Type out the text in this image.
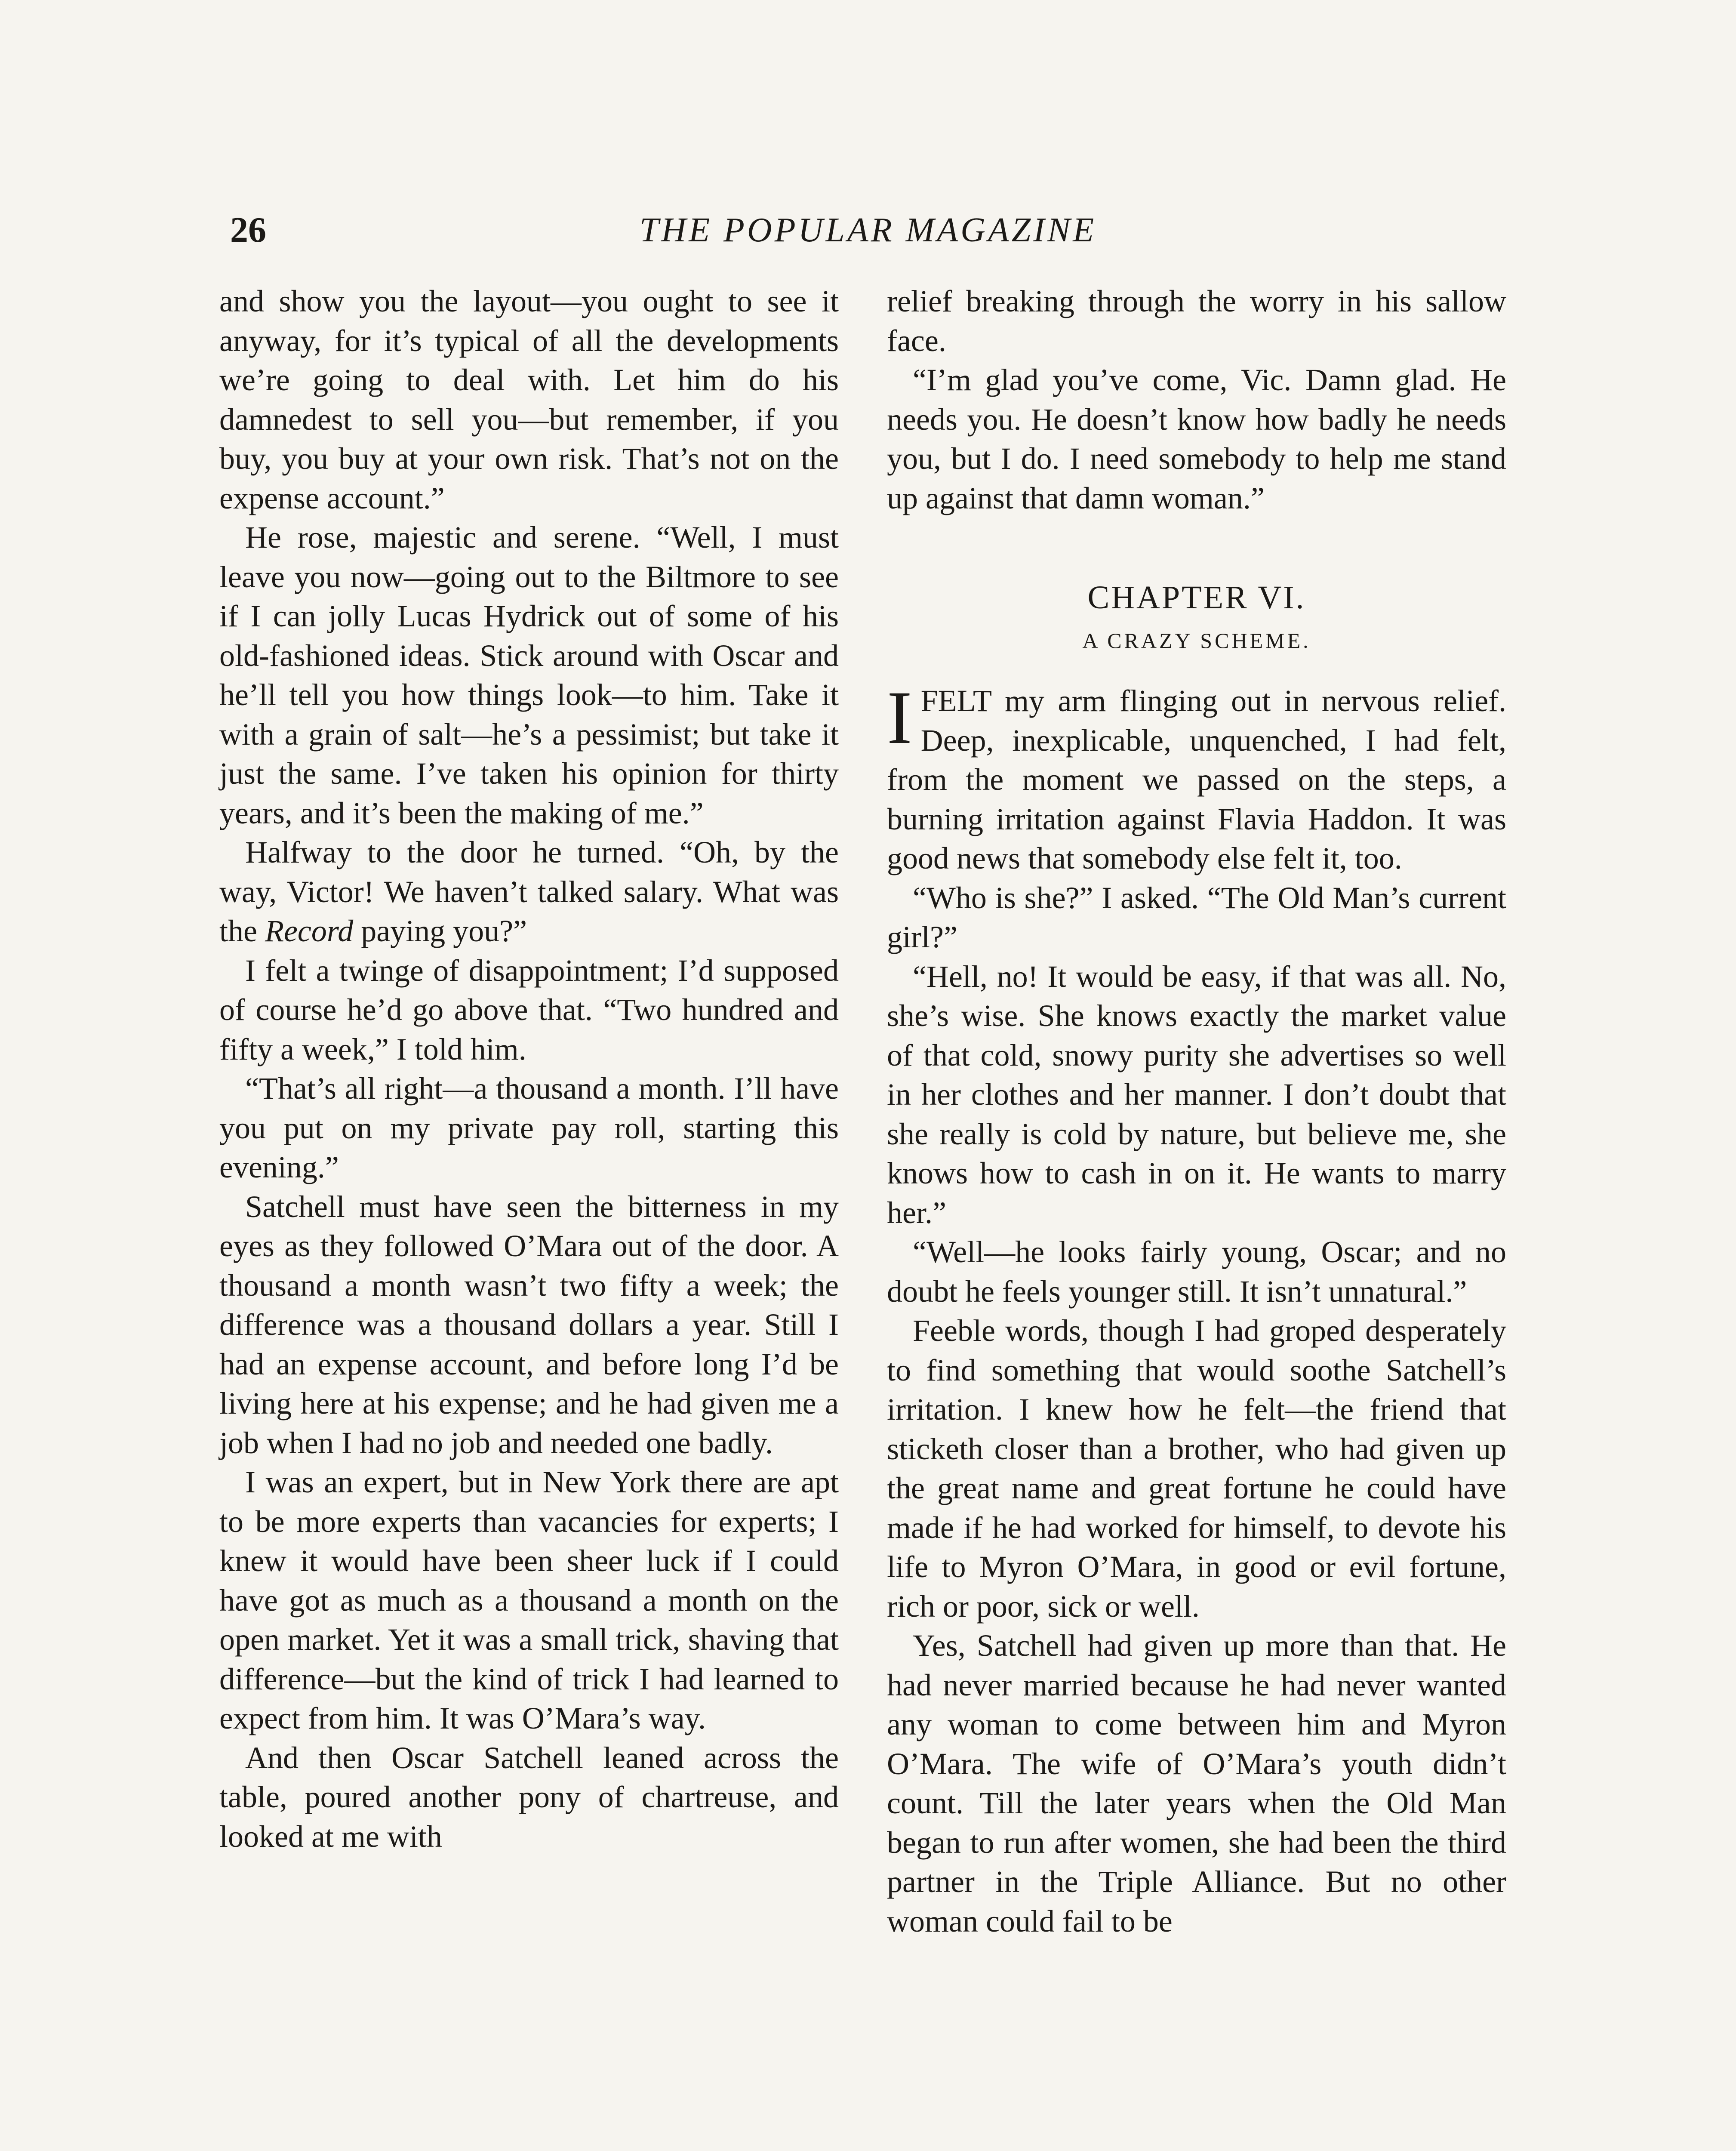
26	THE POPULAR MAGAZINE

and show you the layout—you ought to see it anyway, for it’s typical of all the developments we’re going to deal with. Let him do his damnedest to sell you—but remember, if you buy, you buy at your own risk. That’s not on the expense account.”

He rose, majestic and serene. “Well, I must leave you now—going out to the Biltmore to see if I can jolly Lucas Hydrick out of some of his old-fashioned ideas. Stick around with Oscar and he’ll tell you how things look—to him. Take it with a grain of salt—he’s a pessimist; but take it just the same. I’ve taken his opinion for thirty years, and it’s been the making of me.”

Halfway to the door he turned. “Oh, by the way, Victor! We haven’t talked salary. What was the Record paying you?”

I felt a twinge of disappointment; I’d supposed of course he’d go above that. “Two hundred and fifty a week,” I told him.

“That’s all right—a thousand a month. I’ll have you put on my private pay roll, starting this evening.”

Satchell must have seen the bitterness in my eyes as they followed O’Mara out of the door. A thousand a month wasn’t two fifty a week; the difference was a thousand dollars a year. Still I had an expense account, and before long I’d be living here at his expense; and he had given me a job when I had no job and needed one badly.

I was an expert, but in New York there are apt to be more experts than vacancies for experts; I knew it would have been sheer luck if I could have got as much as a thousand a month on the open market. Yet it was a small trick, shaving that difference—but the kind of trick I had learned to expect from him. It was O’Mara’s way.

And then Oscar Satchell leaned across the table, poured another pony of chartreuse, and looked at me with

relief breaking through the worry in his sallow face.

“I’m glad you’ve come, Vic. Damn glad. He needs you. He doesn’t know how badly he needs you, but I do. I need somebody to help me stand up against that damn woman.”

CHAPTER VI.
A CRAZY SCHEME.
I FELT my arm flinging out in nervous relief. Deep, inexplicable, unquenched, I had felt, from the moment we passed on the steps, a burning irritation against Flavia Haddon. It was good news that somebody else felt it, too.

“Who is she?” I asked. “The Old Man’s current girl?”

“Hell, no! It would be easy, if that was all. No, she’s wise. She knows exactly the market value of that cold, snowy purity she advertises so well in her clothes and her manner. I don’t doubt that she really is cold by nature, but believe me, she knows how to cash in on it. He wants to marry her.”

“Well—he looks fairly young, Oscar; and no doubt he feels younger still. It isn’t unnatural.”

Feeble words, though I had groped desperately to find something that would soothe Satchell’s irritation. I knew how he felt—the friend that sticketh closer than a brother, who had given up the great name and great fortune he could have made if he had worked for himself, to devote his life to Myron O’Mara, in good or evil fortune, rich or poor, sick or well.

Yes, Satchell had given up more than that. He had never married because he had never wanted any woman to come between him and Myron O’Mara. The wife of O’Mara’s youth didn’t count. Till the later years when the Old Man began to run after women, she had been the third partner in the Triple Alliance. But no other woman could fail to be
